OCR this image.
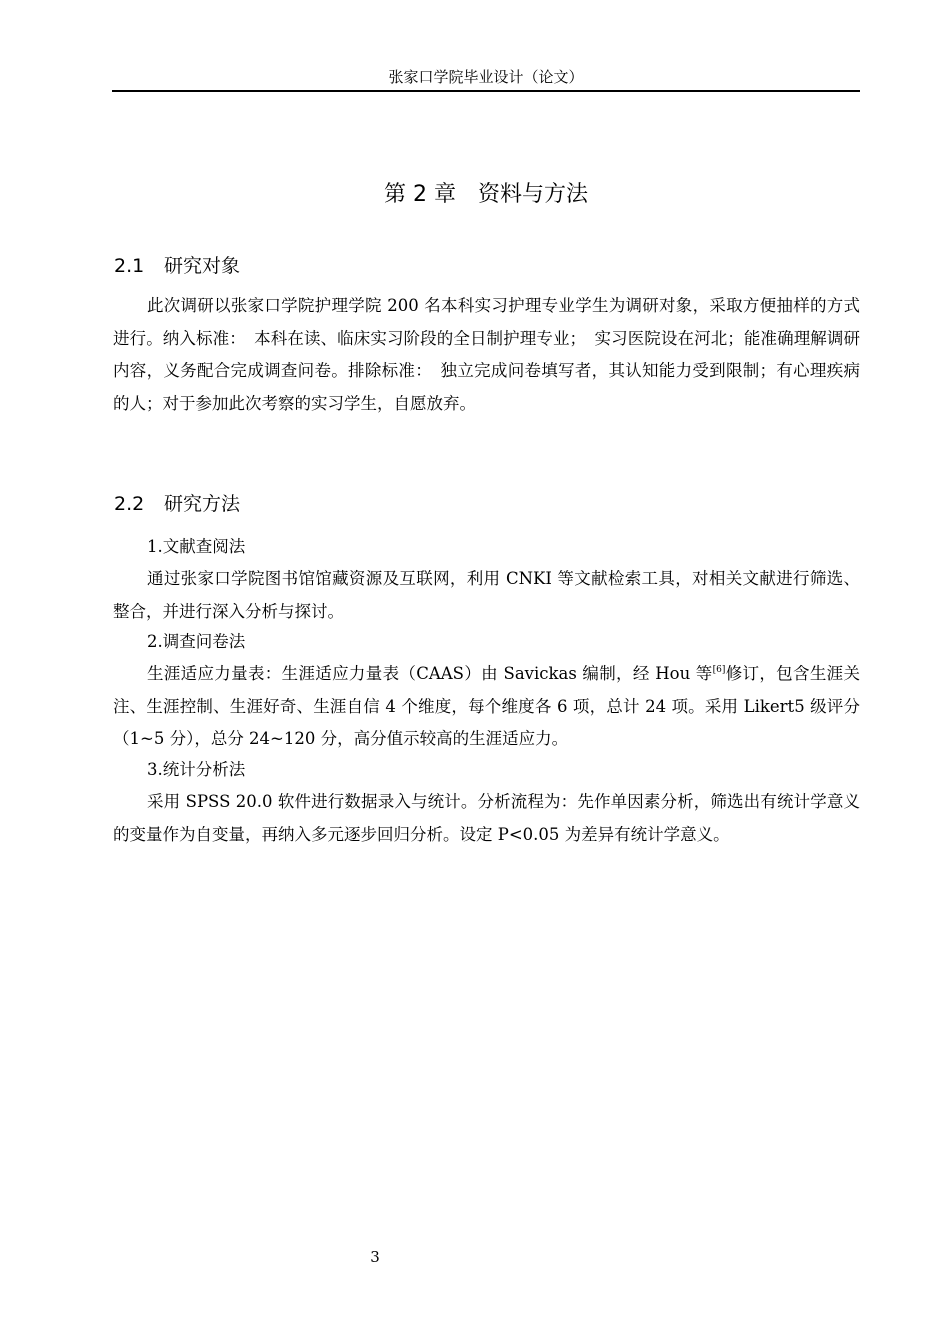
张家口学院毕业设计（论文）
第 2 章　资料与方法
2.1 研究对象

此次调研以张家口学院护理学院 200 名本科实习护理专业学生为调研对象，采取方便抽样的方式进行。纳入标准：　本科在读、临床实习阶段的全日制护理专业；　实习医院设在河北；能准确理解调研内容，义务配合完成调查问卷。排除标准：　独立完成问卷填写者，其认知能力受到限制；有心理疾病的人；对于参加此次考察的实习学生，自愿放弃。

2.2 研究方法
1.文献查阅法

通过张家口学院图书馆馆藏资源及互联网，利用 CNKI 等文献检索工具，对相关文献进行筛选、整合，并进行深入分析与探讨。

2.调查问卷法

生涯适应力量表：生涯适应力量表（CAAS）由 Savickas 编制，经 Hou 等[6]修订，包含生涯关注、生涯控制、生涯好奇、生涯自信 4 个维度，每个维度各 6 项，总计 24 项。采用 Likert5 级评分（1~5 分），总分 24~120 分，高分值示较高的生涯适应力。

3.统计分析法

采用 SPSS 20.0 软件进行数据录入与统计。分析流程为：先作单因素分析，筛选出有统计学意义的变量作为自变量，再纳入多元逐步回归分析。设定 P<0.05 为差异有统计学意义。

3
